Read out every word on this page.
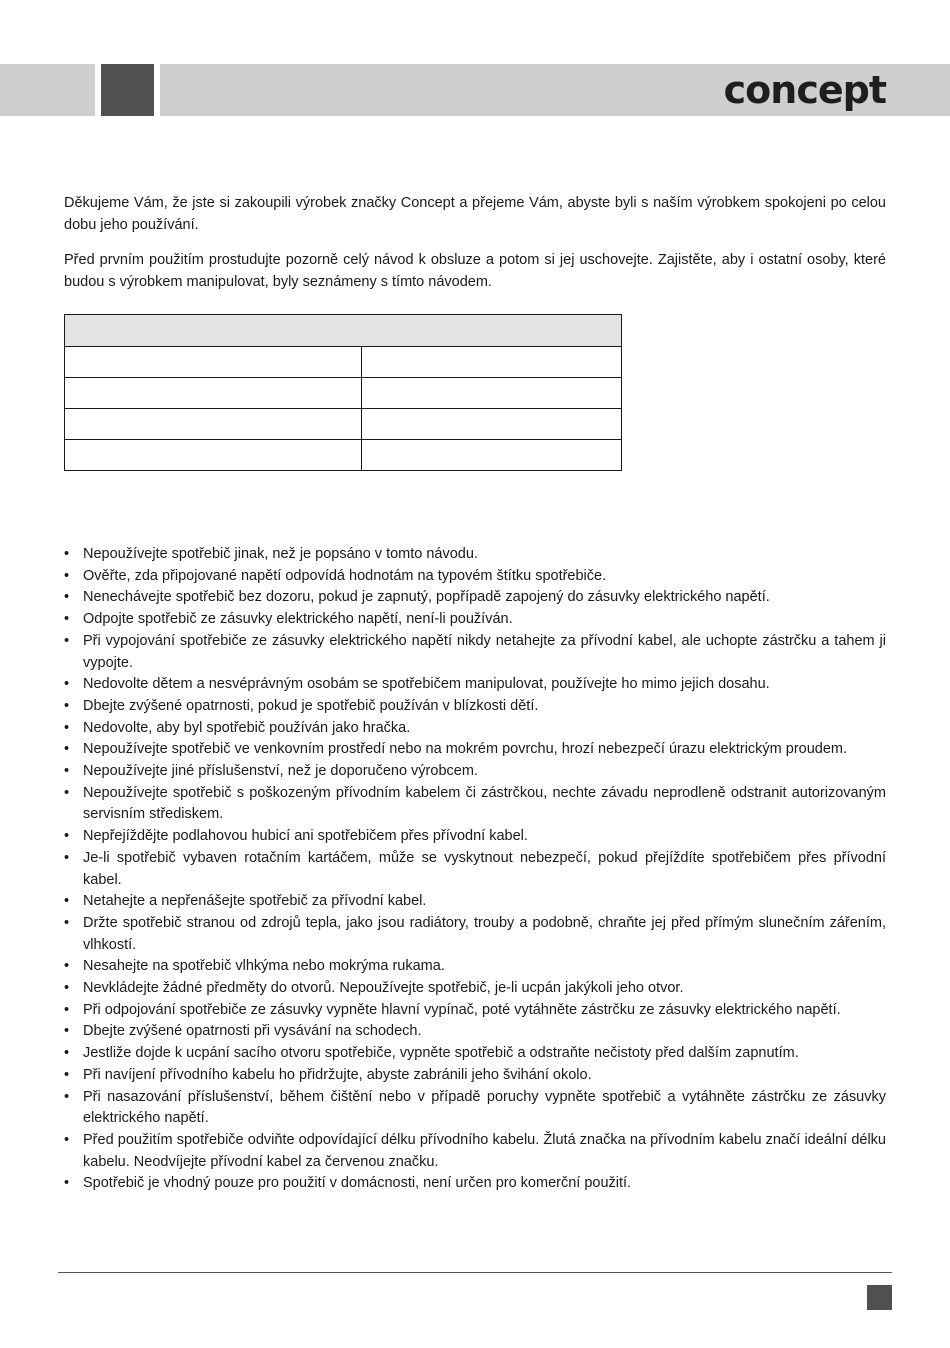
concept

Děkujeme Vám, že jste si zakoupili výrobek značky Concept a přejeme Vám, abyste byli s naším výrobkem spokojeni po celou dobu jeho používání.

Před prvním použitím prostudujte pozorně celý návod k obsluze a potom si jej uschovejte. Zajistěte, aby i ostatní osoby, které budou s výrobkem manipulovat, byly seznámeny s tímto návodem.

• Nepoužívejte spotřebič jinak, než je popsáno v tomto návodu.
• Ověřte, zda připojované napětí odpovídá hodnotám na typovém štítku spotřebiče.
• Nenechávejte spotřebič bez dozoru, pokud je zapnutý, popřípadě zapojený do zásuvky elektrického napětí.
• Odpojte spotřebič ze zásuvky elektrického napětí, není-li používán.
• Při vypojování spotřebiče ze zásuvky elektrického napětí nikdy netahejte za přívodní kabel, ale uchopte zástrčku a tahem ji vypojte.
• Nedovolte dětem a nesvéprávným osobám se spotřebičem manipulovat, používejte ho mimo jejich dosahu.
• Dbejte zvýšené opatrnosti, pokud je spotřebič používán v blízkosti dětí.
• Nedovolte, aby byl spotřebič používán jako hračka.
• Nepoužívejte spotřebič ve venkovním prostředí nebo na mokrém povrchu, hrozí nebezpečí úrazu elektrickým proudem.
• Nepoužívejte jiné příslušenství, než je doporučeno výrobcem.
• Nepoužívejte spotřebič s poškozeným přívodním kabelem či zástrčkou, nechte závadu neprodleně odstranit autorizovaným servisním střediskem.
• Nepřejíždějte podlahovou hubicí ani spotřebičem přes přívodní kabel.
• Je-li spotřebič vybaven rotačním kartáčem, může se vyskytnout nebezpečí, pokud přejíždíte spotřebičem přes přívodní kabel.
• Netahejte a nepřenášejte spotřebič za přívodní kabel.
• Držte spotřebič stranou od zdrojů tepla, jako jsou radiátory, trouby a podobně, chraňte jej před přímým slunečním zářením, vlhkostí.
• Nesahejte na spotřebič vlhkýma nebo mokrýma rukama.
• Nevkládejte žádné předměty do otvorů. Nepoužívejte spotřebič, je-li ucpán jakýkoli jeho otvor.
• Při odpojování spotřebiče ze zásuvky vypněte hlavní vypínač, poté vytáhněte zástrčku ze zásuvky elektrického napětí.
• Dbejte zvýšené opatrnosti při vysávání na schodech.
• Jestliže dojde k ucpání sacího otvoru spotřebiče, vypněte spotřebič a odstraňte nečistoty před dalším zapnutím.
• Při navíjení přívodního kabelu ho přidržujte, abyste zabránili jeho švihání okolo.
• Při nasazování příslušenství, během čištění nebo v případě poruchy vypněte spotřebič a vytáhněte zástrčku ze zásuvky elektrického napětí.
• Před použitím spotřebiče odviňte odpovídající délku přívodního kabelu. Žlutá značka na přívodním kabelu značí ideální délku kabelu. Neodvíjejte přívodní kabel za červenou značku.
• Spotřebič je vhodný pouze pro použití v domácnosti, není určen pro komerční použití.
